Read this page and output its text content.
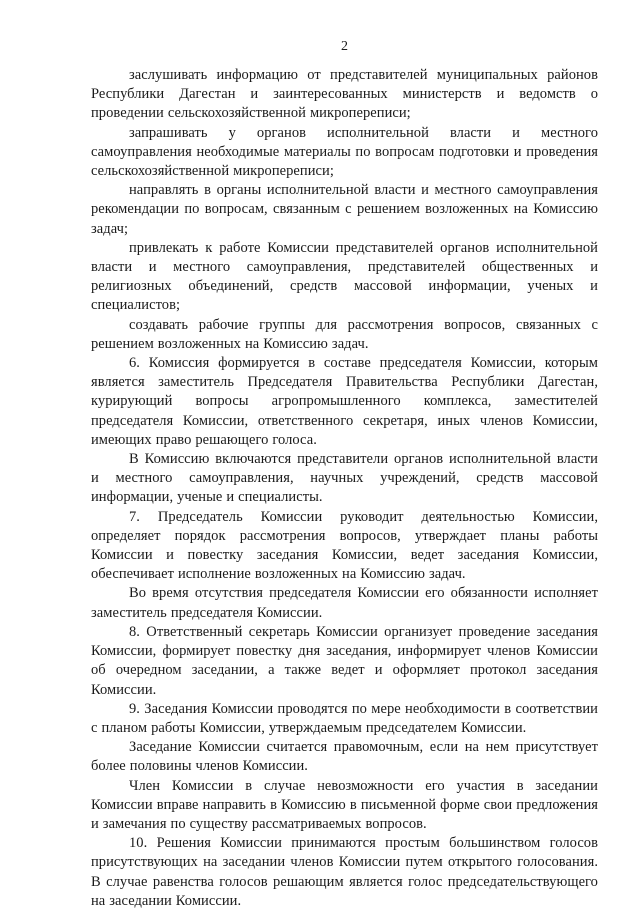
2

заслушивать информацию от представителей муниципальных районов Республики Дагестан и заинтересованных министерств и ведомств о проведении сельскохозяйственной микропереписи;

запрашивать у органов исполнительной власти и местного самоуправления необходимые материалы по вопросам подготовки и проведения сельскохозяйственной микропереписи;

направлять в органы исполнительной власти и местного самоуправления рекомендации по вопросам, связанным с решением возложенных на Комиссию задач;

привлекать к работе Комиссии представителей органов исполнительной власти и местного самоуправления, представителей общественных и религиозных объединений, средств массовой информации, ученых и специалистов;

создавать рабочие группы для рассмотрения вопросов, связанных с решением возложенных на Комиссию задач.

6. Комиссия формируется в составе председателя Комиссии, которым является заместитель Председателя Правительства Республики Дагестан, курирующий вопросы агропромышленного комплекса, заместителей председателя Комиссии, ответственного секретаря, иных членов Комиссии, имеющих право решающего голоса.

В Комиссию включаются представители органов исполнительной власти и местного самоуправления, научных учреждений, средств массовой информации, ученые и специалисты.

7. Председатель Комиссии руководит деятельностью Комиссии, определяет порядок рассмотрения вопросов, утверждает планы работы Комиссии и повестку заседания Комиссии, ведет заседания Комиссии, обеспечивает исполнение возложенных на Комиссию задач.

Во время отсутствия председателя Комиссии его обязанности исполняет заместитель председателя Комиссии.

8. Ответственный секретарь Комиссии организует проведение заседания Комиссии, формирует повестку дня заседания, информирует членов Комиссии об очередном заседании, а также ведет и оформляет протокол заседания Комиссии.

9. Заседания Комиссии проводятся по мере необходимости в соответствии с планом работы Комиссии, утверждаемым председателем Комиссии.

Заседание Комиссии считается правомочным, если на нем присутствует более половины членов Комиссии.

Член Комиссии в случае невозможности его участия в заседании Комиссии вправе направить в Комиссию в письменной форме свои предложения и замечания по существу рассматриваемых вопросов.

10. Решения Комиссии принимаются простым большинством голосов присутствующих на заседании членов Комиссии путем открытого голосования. В случае равенства голосов решающим является голос председательствующего на заседании Комиссии.
